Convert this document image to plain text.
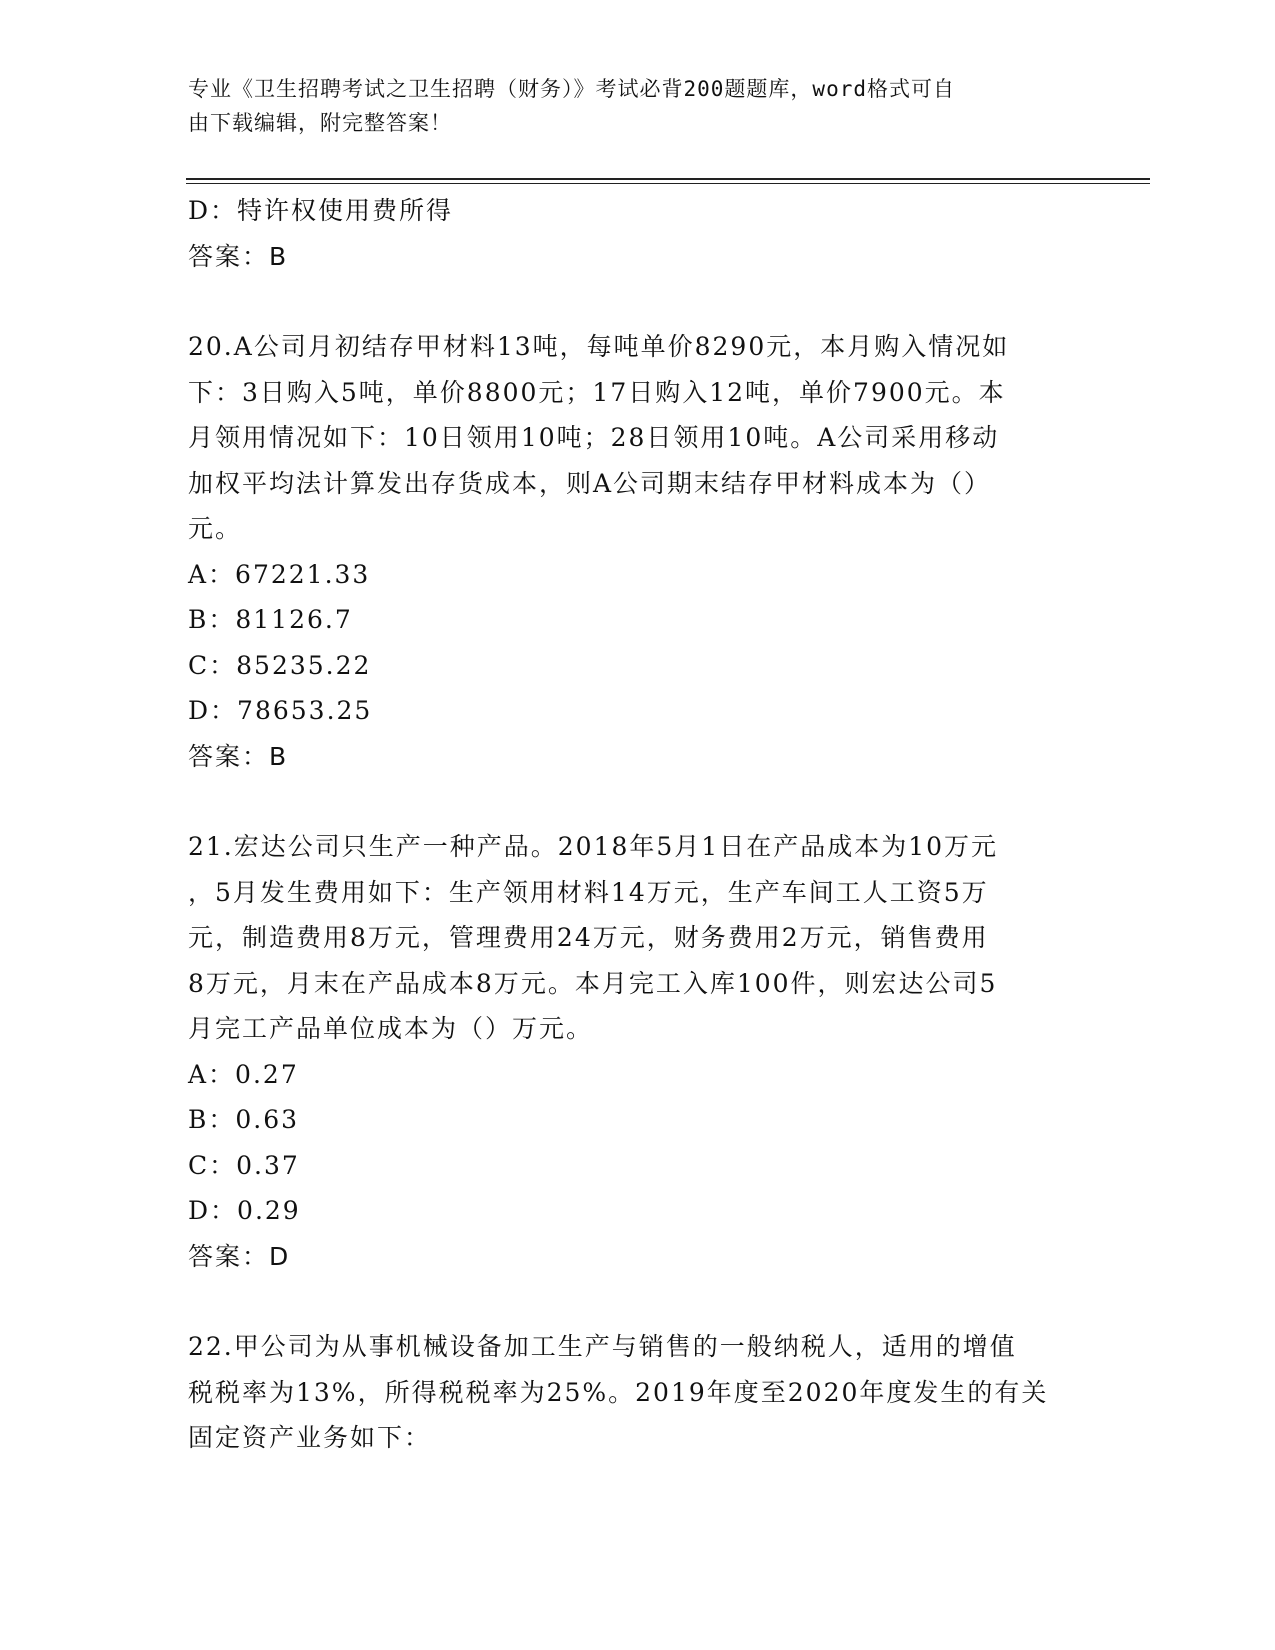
专业《卫生招聘考试之卫生招聘（财务）》考试必背200题题库，word格式可自
由下载编辑，附完整答案！
D：特许权使用费所得
答案：B
20.A公司月初结存甲材料13吨，每吨单价8290元，本月购入情况如
下：3日购入5吨，单价8800元；17日购入12吨，单价7900元。本
月领用情况如下：10日领用10吨；28日领用10吨。A公司采用移动
加权平均法计算发出存货成本，则A公司期末结存甲材料成本为（）
元。
A：67221.33
B：81126.7
C：85235.22
D：78653.25
答案：B
21.宏达公司只生产一种产品。2018年5月1日在产品成本为10万元
，5月发生费用如下：生产领用材料14万元，生产车间工人工资5万
元，制造费用8万元，管理费用24万元，财务费用2万元，销售费用
8万元，月末在产品成本8万元。本月完工入库100件，则宏达公司5
月完工产品单位成本为（）万元。
A：0.27
B：0.63
C：0.37
D：0.29
答案：D
22.甲公司为从事机械设备加工生产与销售的一般纳税人，适用的增值
税税率为13%，所得税税率为25%。2019年度至2020年度发生的有关
固定资产业务如下：
